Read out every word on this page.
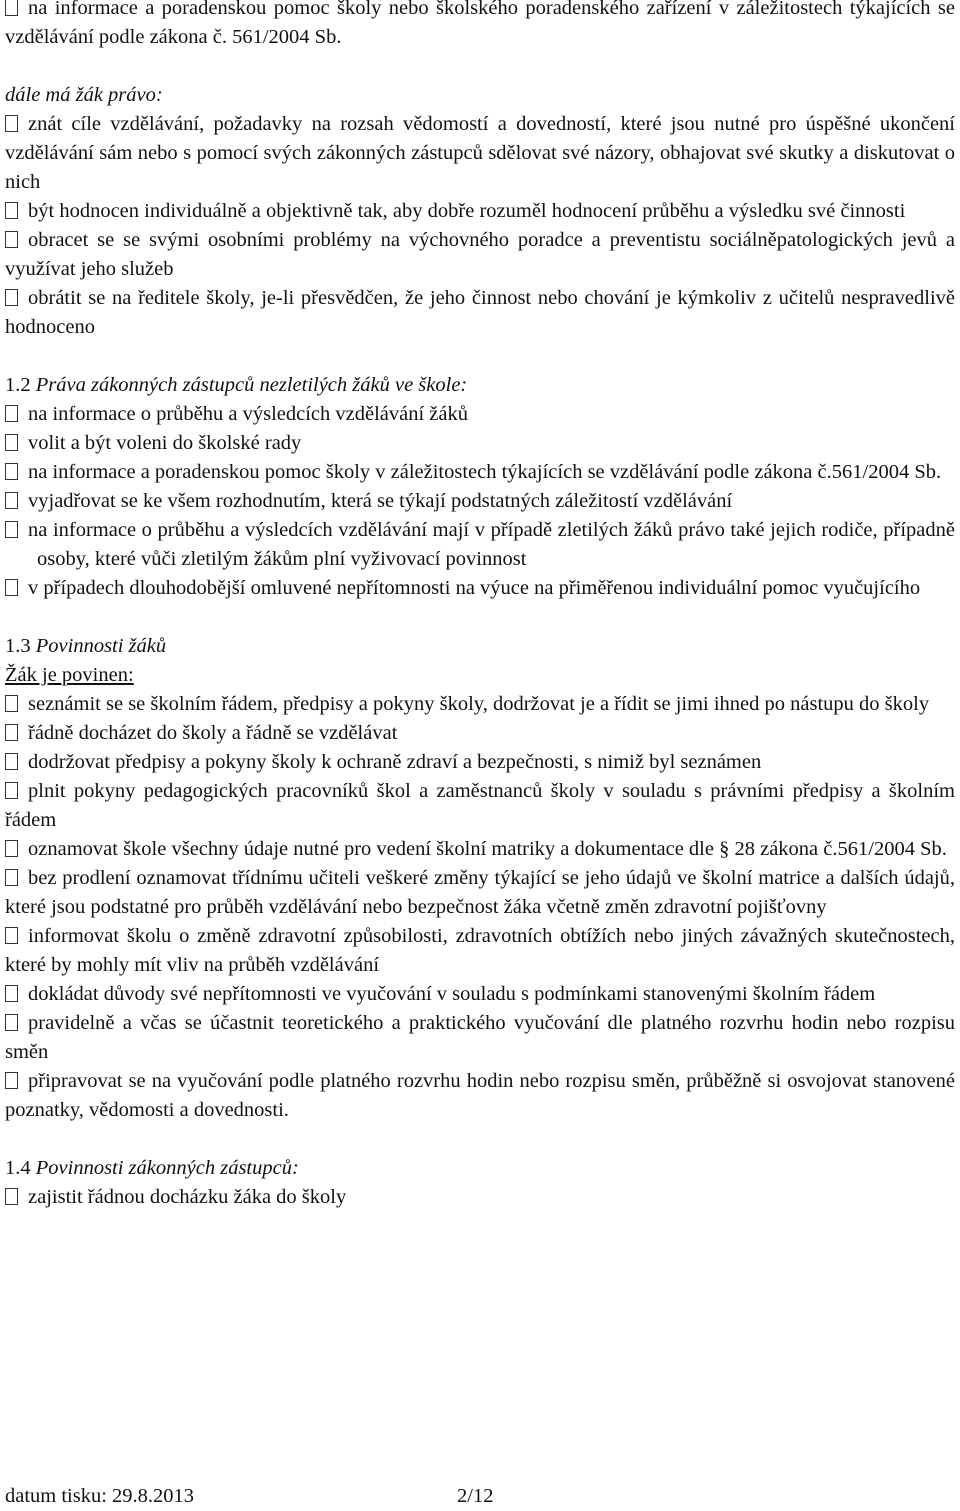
na informace a poradenskou pomoc školy nebo školského poradenského zařízení v záležitostech týkajících se vzdělávání podle zákona č. 561/2004 Sb.

dále má žák právo:

znát cíle vzdělávání, požadavky na rozsah vědomostí a dovedností, které jsou nutné pro úspěšné ukončení vzdělávání sám nebo s pomocí svých zákonných zástupců sdělovat své názory, obhajovat své skutky a diskutovat o nich

být hodnocen individuálně a objektivně tak, aby dobře rozuměl hodnocení průběhu a výsledku své činnosti

obracet se se svými osobními problémy na výchovného poradce a preventistu sociálněpatologických jevů a využívat jeho služeb

obrátit se na ředitele školy, je-li přesvědčen, že jeho činnost nebo chování je kýmkoliv z učitelů nespravedlivě hodnoceno

1.2 Práva zákonných zástupců nezletilých žáků ve škole:

na informace o průběhu a výsledcích vzdělávání žáků

volit a být voleni do školské rady

na informace a poradenskou pomoc školy v záležitostech týkajících se vzdělávání podle zákona č.561/2004 Sb.

vyjadřovat se ke všem rozhodnutím, která se týkají podstatných záležitostí vzdělávání

na informace o průběhu a výsledcích vzdělávání mají v případě zletilých žáků právo také jejich rodiče, případně osoby, které vůči zletilým žákům plní vyživovací povinnost

v případech dlouhodobější omluvené nepřítomnosti na výuce na přiměřenou individuální pomoc vyučujícího

1.3 Povinnosti žáků

Žák je povinen:

seznámit se se školním řádem, předpisy a pokyny školy, dodržovat je a řídit se jimi ihned po nástupu do školy

řádně docházet do školy a řádně se vzdělávat

dodržovat předpisy a pokyny školy k ochraně zdraví a bezpečnosti, s nimiž byl seznámen

plnit pokyny pedagogických pracovníků škol a zaměstnanců školy v souladu s právními předpisy a školním řádem

oznamovat škole všechny údaje nutné pro vedení školní matriky a dokumentace dle § 28 zákona č.561/2004 Sb.

bez prodlení oznamovat třídnímu učiteli veškeré změny týkající se jeho údajů ve školní matrice a dalších údajů, které jsou podstatné pro průběh vzdělávání nebo bezpečnost žáka včetně změn zdravotní pojišťovny

informovat školu o změně zdravotní způsobilosti, zdravotních obtížích nebo jiných závažných skutečnostech, které by mohly mít vliv na průběh vzdělávání

dokládat důvody své nepřítomnosti ve vyučování v souladu s podmínkami stanovenými školním řádem

pravidelně a včas se účastnit teoretického a praktického vyučování dle platného rozvrhu hodin nebo rozpisu směn

připravovat se na vyučování podle platného rozvrhu hodin nebo rozpisu směn, průběžně si osvojovat stanovené poznatky, vědomosti a dovednosti.

1.4 Povinnosti zákonných zástupců:

zajistit řádnou docházku žáka do školy

datum tisku: 29.8.2013	2/12
